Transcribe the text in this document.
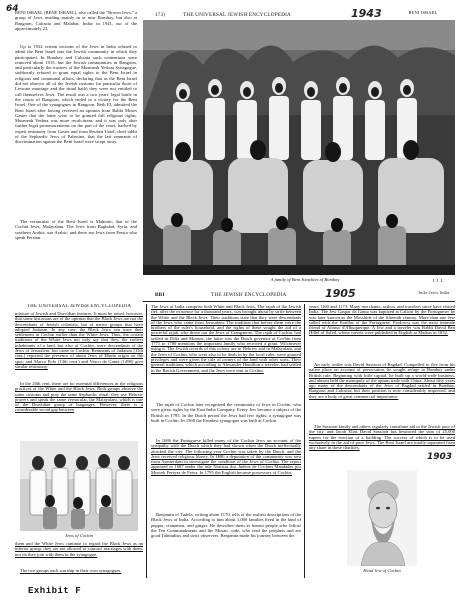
64
173)	THE UNIVERSAL JEWISH ENCYCLOPEDIA	1943	BENI ISRAEL
BENI ISRAEL (BENE ISRAEL), also called the "Brown Jews," a group of Jews residing mainly in or near Bombay, but also at Rangoon, Calcutta and Malabar, India; in 1941, out of the approximately 23,
Up to 1934 certain sections of the Jews in India refused to admit the Beni Israel into the Jewish community in which they participated. In Bombay and Calcutta such contentions were removed about 1915, but the Jewish communities in Rangoon, and particularly the trustees of the Musmeah Yeshua Synagogue, stubbornly refused to grant equal rights to the Beni Israel in religious and communal affairs, declaring that as the Beni Israel did not observe all of the Jewish customs (in particular those of Levirate marriage and the ritual bath) they were not entitled to call themselves Jews. The result was a two years' legal battle in the courts of Rangoon, which ended in a victory for the Beni Israel. One of the synagogues in Rangoon, Beth El, admitted the Beni Israel after having received an opinion from Rabbi Moses Gaster that the latter were to be granted full religious rights. Musmeah Yeshua was more recalcitrant, and it was only after further legal pronouncements on the part of the court, backed by expert testimony from Gaster and from Reuben Uziel, chief rabbi of the Sephardic Jews of Palestine, that the last remnants of discrimination against the Beni Israel were swept away.
The vernacular of the Beni Israel is Mahratti; that of the Cochin Jews, Malayalam. The Jews from Baghdad, Syria, and southern Arabia, use Arabic; and there are Jews from Persia who speak Persian.
A family of Beni Israelites of Bombay	I. J. L.
BBI	THE JEWISH ENCYCLOPEDIA	1905	Indo-Jews India
THE UNIVERSAL JEWISH ENCYCLOPEDIA
mixture of Jewish and Dravidian features. It must be noted, however, that some historians are of the opinion that the Black Jews are not the descendants of Jewish colonists, but of native groups that have adopted Judaism. In any case, the Black Jews can trace their settlement in Cochin earlier than the White Jews. Thus, the certain traditions of the White Jews not only say that they, the earliest inhabitants of a land, but also of Cochin, were descendants of the Jews of Jerusalem, but came to Cochin. Remnants of Judaism (11th cent.) reported the presence of about Jews of Hindu origin on the spot; and Marco Polo (13th cent.) and Vasco da Gama (1498) give similar testimony.
In the 20th cent. there are no essential differences in the religious practices of the White and the Black Jews. Both groups observe the same customs and pray the same Sephardic ritual; they use Hebrew prayers and speak the same vernacular, the Malayalam, which is one of the Dravidian group of languages. However, there is a considerable social gap between
Jews of Cochin
them and the White Jews continue to regard the Black Jews as an inferior group; they are not allowed to contract marriages with them, nor do they join with them in the synagogue.
The two groups each worship in their own synagogues.
The Jews of India comprise both White and Black Jews. The rajah of the Jewish fief, after the existence for a thousand years, was brought about by strife between the White and the Black Jews. Their traditions state that they were descendants of the Jews who came from Jerusalem. The tradition that before them were the brothers of the ruler's household, and the rights of these sought the aid of a powerful rajah, who drove out the Jews of Cranganore. The rajah of Cochin, had settled in Dilia and Mornea, the latter was the Dutch governor at Cochin from 1771 to 1780 mentions the important family who received a grant. Wilcheaver using it. The Jewish records of this colony are in Hebrew and in Malayalam, and the Jews of Cochin, who were also to be dealt in by the local ruler, were granted privileges and were given the title of owners of the land with other sorts. Their general traditions, which according to Alexander Hamilton a traveler, had settled in the British Government, and the Jews were sent to Cochin.
The rajah of Cochin later recognized the community of Jews in Cochin, who were given rights by the East India Company. Every Jew became a subject of the British in 1795. In the Dutch period the Jews had few rights; a synagogue was built in Cochin. In 1568 the Paradesi synagogue was built at Cochin.
In 1686 the Portuguese killed many of the Cochin Jews on account of the sympathy with the Dutch which they had shown when the Dutch ineffectually attacked the city. The following year Cochin was taken by the Dutch, and the Jews received religious liberty. In 1686 a deputation of the community was sent from Amsterdam to investigate the condition of the Jews of Cochin. The report appeared in 1687 under the title Notisias dos Judeos de Cochim Mandadas por Mosseh Pereyra de Paiva. In 1795 the English became possessors of Cochin.
Benjamin of Tudela, writing about 1170, tells of the earliest descriptions of the Black Jews of India. According to him about 1,000 families lived in the land of pepper, cinnamon, and ginger. He describes them as honest people who follow the Ten Commandments and the Mosaic code, who read the prophets and are good Talmudists and strict observers. Benjamin made his journey between the
years 1160 and 1173. Many merchants, sailors, and travelers since have visited India. The Jew Gaspar da Gama was baptized at Calicut by the Portuguese; he was later known as the Mosshide of the fifteenth century. More than one Jew sailed with the flotillas of the Portuguese. Ferdowsi was the most intimate friend of Afonso d'Albuquerque. A Jew and a traveler was Rabbi David Ben Hillel of Safed, whose travels were published in English at Madras in 1832.
An early settler was David Sassoon of Bagdad. Compelled to flee from his native place on account of persecution, he sought refuge in Bombay under British rule. Beginning with little capital, he built up a world-wide business, and almost held the monopoly of the opium trade with China. About fifty years ago many of the descendants of the Jews of Bagdad settled in Bombay, Rangoon and Calcutta; but their position is now considerably improved, and they are a body of great commercial importance.
The Sassoon family and others regularly contribute aid to the Jewish poor of the city, and Jacob Elias David Sassoon has bestowed the sum of 25,000 rupees for the erection of a building. The success of which is to be used exclusively in the aid of poor Jews. The Beni Israel are totally separated from any share in these charities.
1903
Head Jew of Cochin
Exhibit F
